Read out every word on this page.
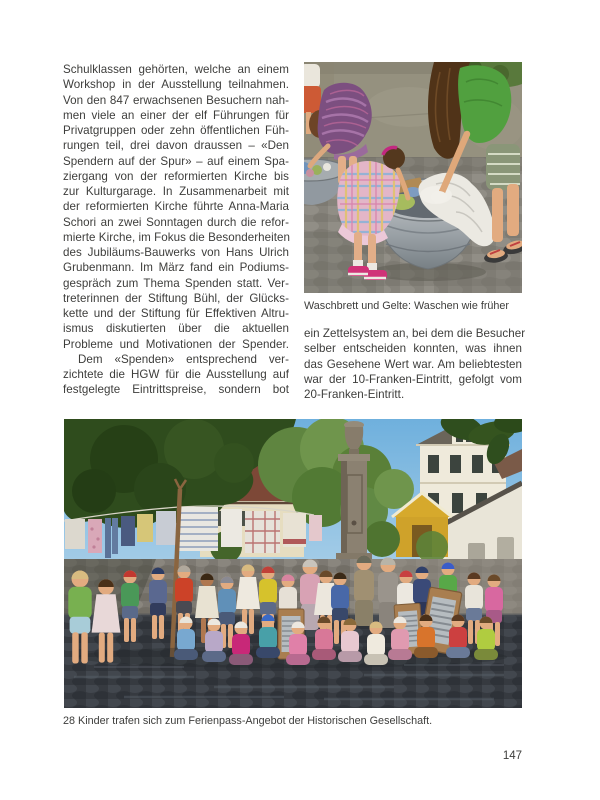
Schulklassen gehörten, welche an einem
Workshop in der Ausstellung teilnahmen.
Von den 847 erwachsenen Besuchern nah-
men viele an einer der elf Führungen für
Privatgruppen oder zehn öffentlichen Füh-
rungen teil, drei davon draussen – «Den
Spendern auf der Spur» – auf einem Spa-
ziergang von der reformierten Kirche bis
zur Kulturgarage. In Zusammenarbeit mit
der reformierten Kirche führte Anna-Maria
Schori an zwei Sonntagen durch die refor-
mierte Kirche, im Fokus die Besonderheiten
des Jubiläums-Bauwerks von Hans Ulrich
Grubenmann. Im März fand ein Podiums-
gespräch zum Thema Spenden statt. Ver-
treterinnen der Stiftung Bühl, der Glücks-
kette und der Stiftung für Effektiven Altru-
ismus diskutierten über die aktuellen
Probleme und Motivationen der Spender.
Dem «Spenden» entsprechend ver-
zichtete die HGW für die Ausstellung auf
festgelegte Eintrittspreise, sondern bot
Waschbrett und Gelte: Waschen wie früher
ein Zettelsystem an, bei dem die Besucher
selber entscheiden konnten, was ihnen
das Gesehene Wert war. Am beliebtesten
war der 10-Franken-Eintritt, gefolgt vom
20-Franken-Eintritt.
28 Kinder trafen sich zum Ferienpass-Angebot der Historischen Gesellschaft.
147
